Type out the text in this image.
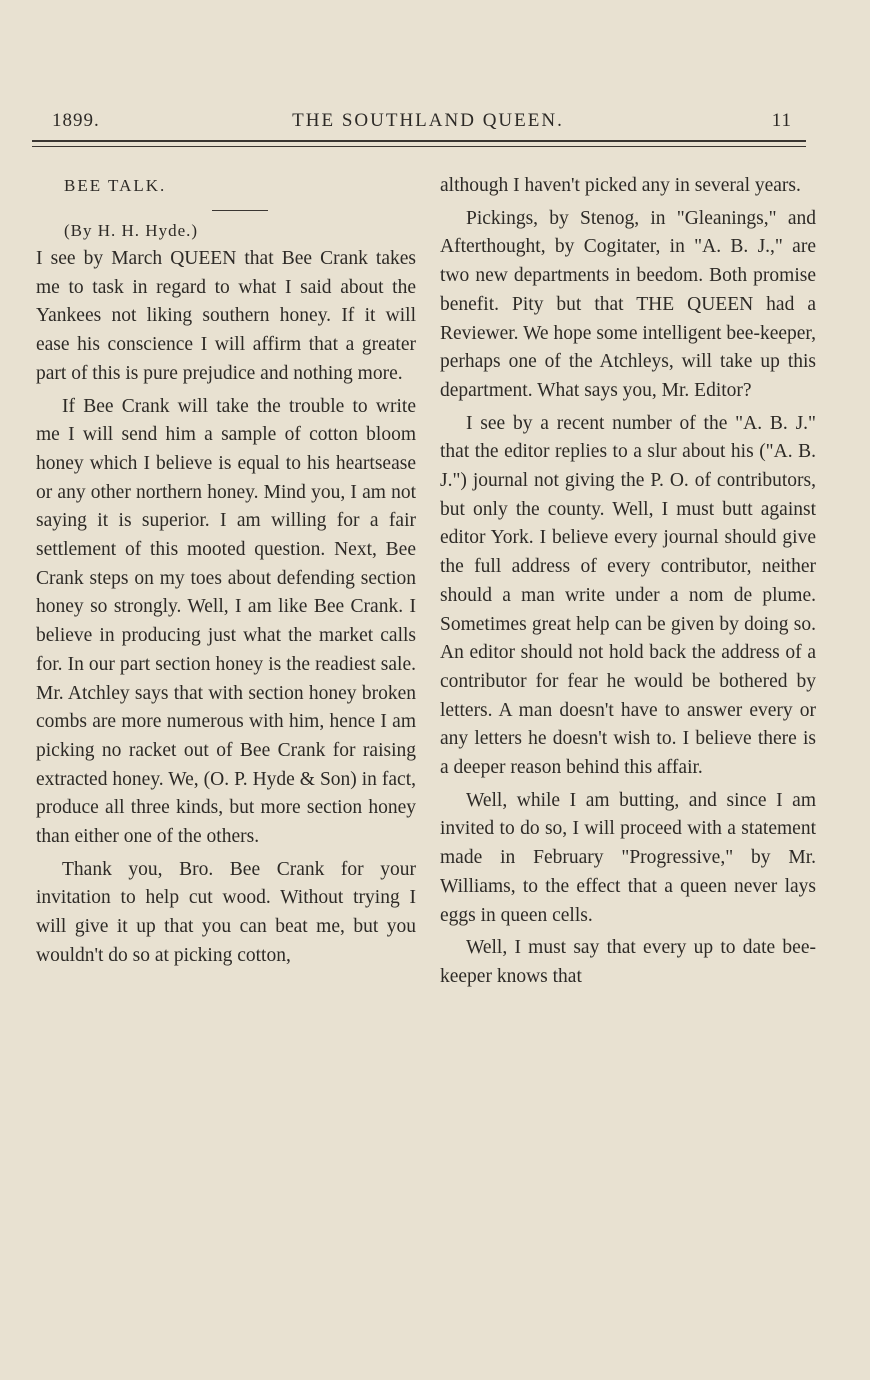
1899.	THE SOUTHLAND QUEEN.	11

BEE TALK.

(By H. H. Hyde.)

I see by March QUEEN that Bee Crank takes me to task in regard to what I said about the Yankees not liking southern honey. If it will ease his conscience I will affirm that a greater part of this is pure prejudice and nothing more.

If Bee Crank will take the trouble to write me I will send him a sample of cotton bloom honey which I believe is equal to his heartsease or any other northern honey. Mind you, I am not saying it is superior. I am willing for a fair settlement of this mooted question. Next, Bee Crank steps on my toes about defending section honey so strongly. Well, I am like Bee Crank. I believe in producing just what the market calls for. In our part section honey is the readiest sale. Mr. Atchley says that with section honey broken combs are more numerous with him, hence I am picking no racket out of Bee Crank for raising extracted honey. We, (O. P. Hyde & Son) in fact, produce all three kinds, but more section honey than either one of the others.

Thank you, Bro. Bee Crank for your invitation to help cut wood. Without trying I will give it up that you can beat me, but you wouldn't do so at picking cotton,

although I haven't picked any in several years.

Pickings, by Stenog, in "Gleanings," and Afterthought, by Cogitater, in "A. B. J.," are two new departments in beedom. Both promise benefit. Pity but that THE QUEEN had a Reviewer. We hope some intelligent bee-keeper, perhaps one of the Atchleys, will take up this department. What says you, Mr. Editor?

I see by a recent number of the "A. B. J." that the editor replies to a slur about his ("A. B. J.") journal not giving the P. O. of contributors, but only the county. Well, I must butt against editor York. I believe every journal should give the full address of every contributor, neither should a man write under a nom de plume. Sometimes great help can be given by doing so. An editor should not hold back the address of a contributor for fear he would be bothered by letters. A man doesn't have to answer every or any letters he doesn't wish to. I believe there is a deeper reason behind this affair.

Well, while I am butting, and since I am invited to do so, I will proceed with a statement made in February "Progressive," by Mr. Williams, to the effect that a queen never lays eggs in queen cells.

Well, I must say that every up to date bee-keeper knows that
